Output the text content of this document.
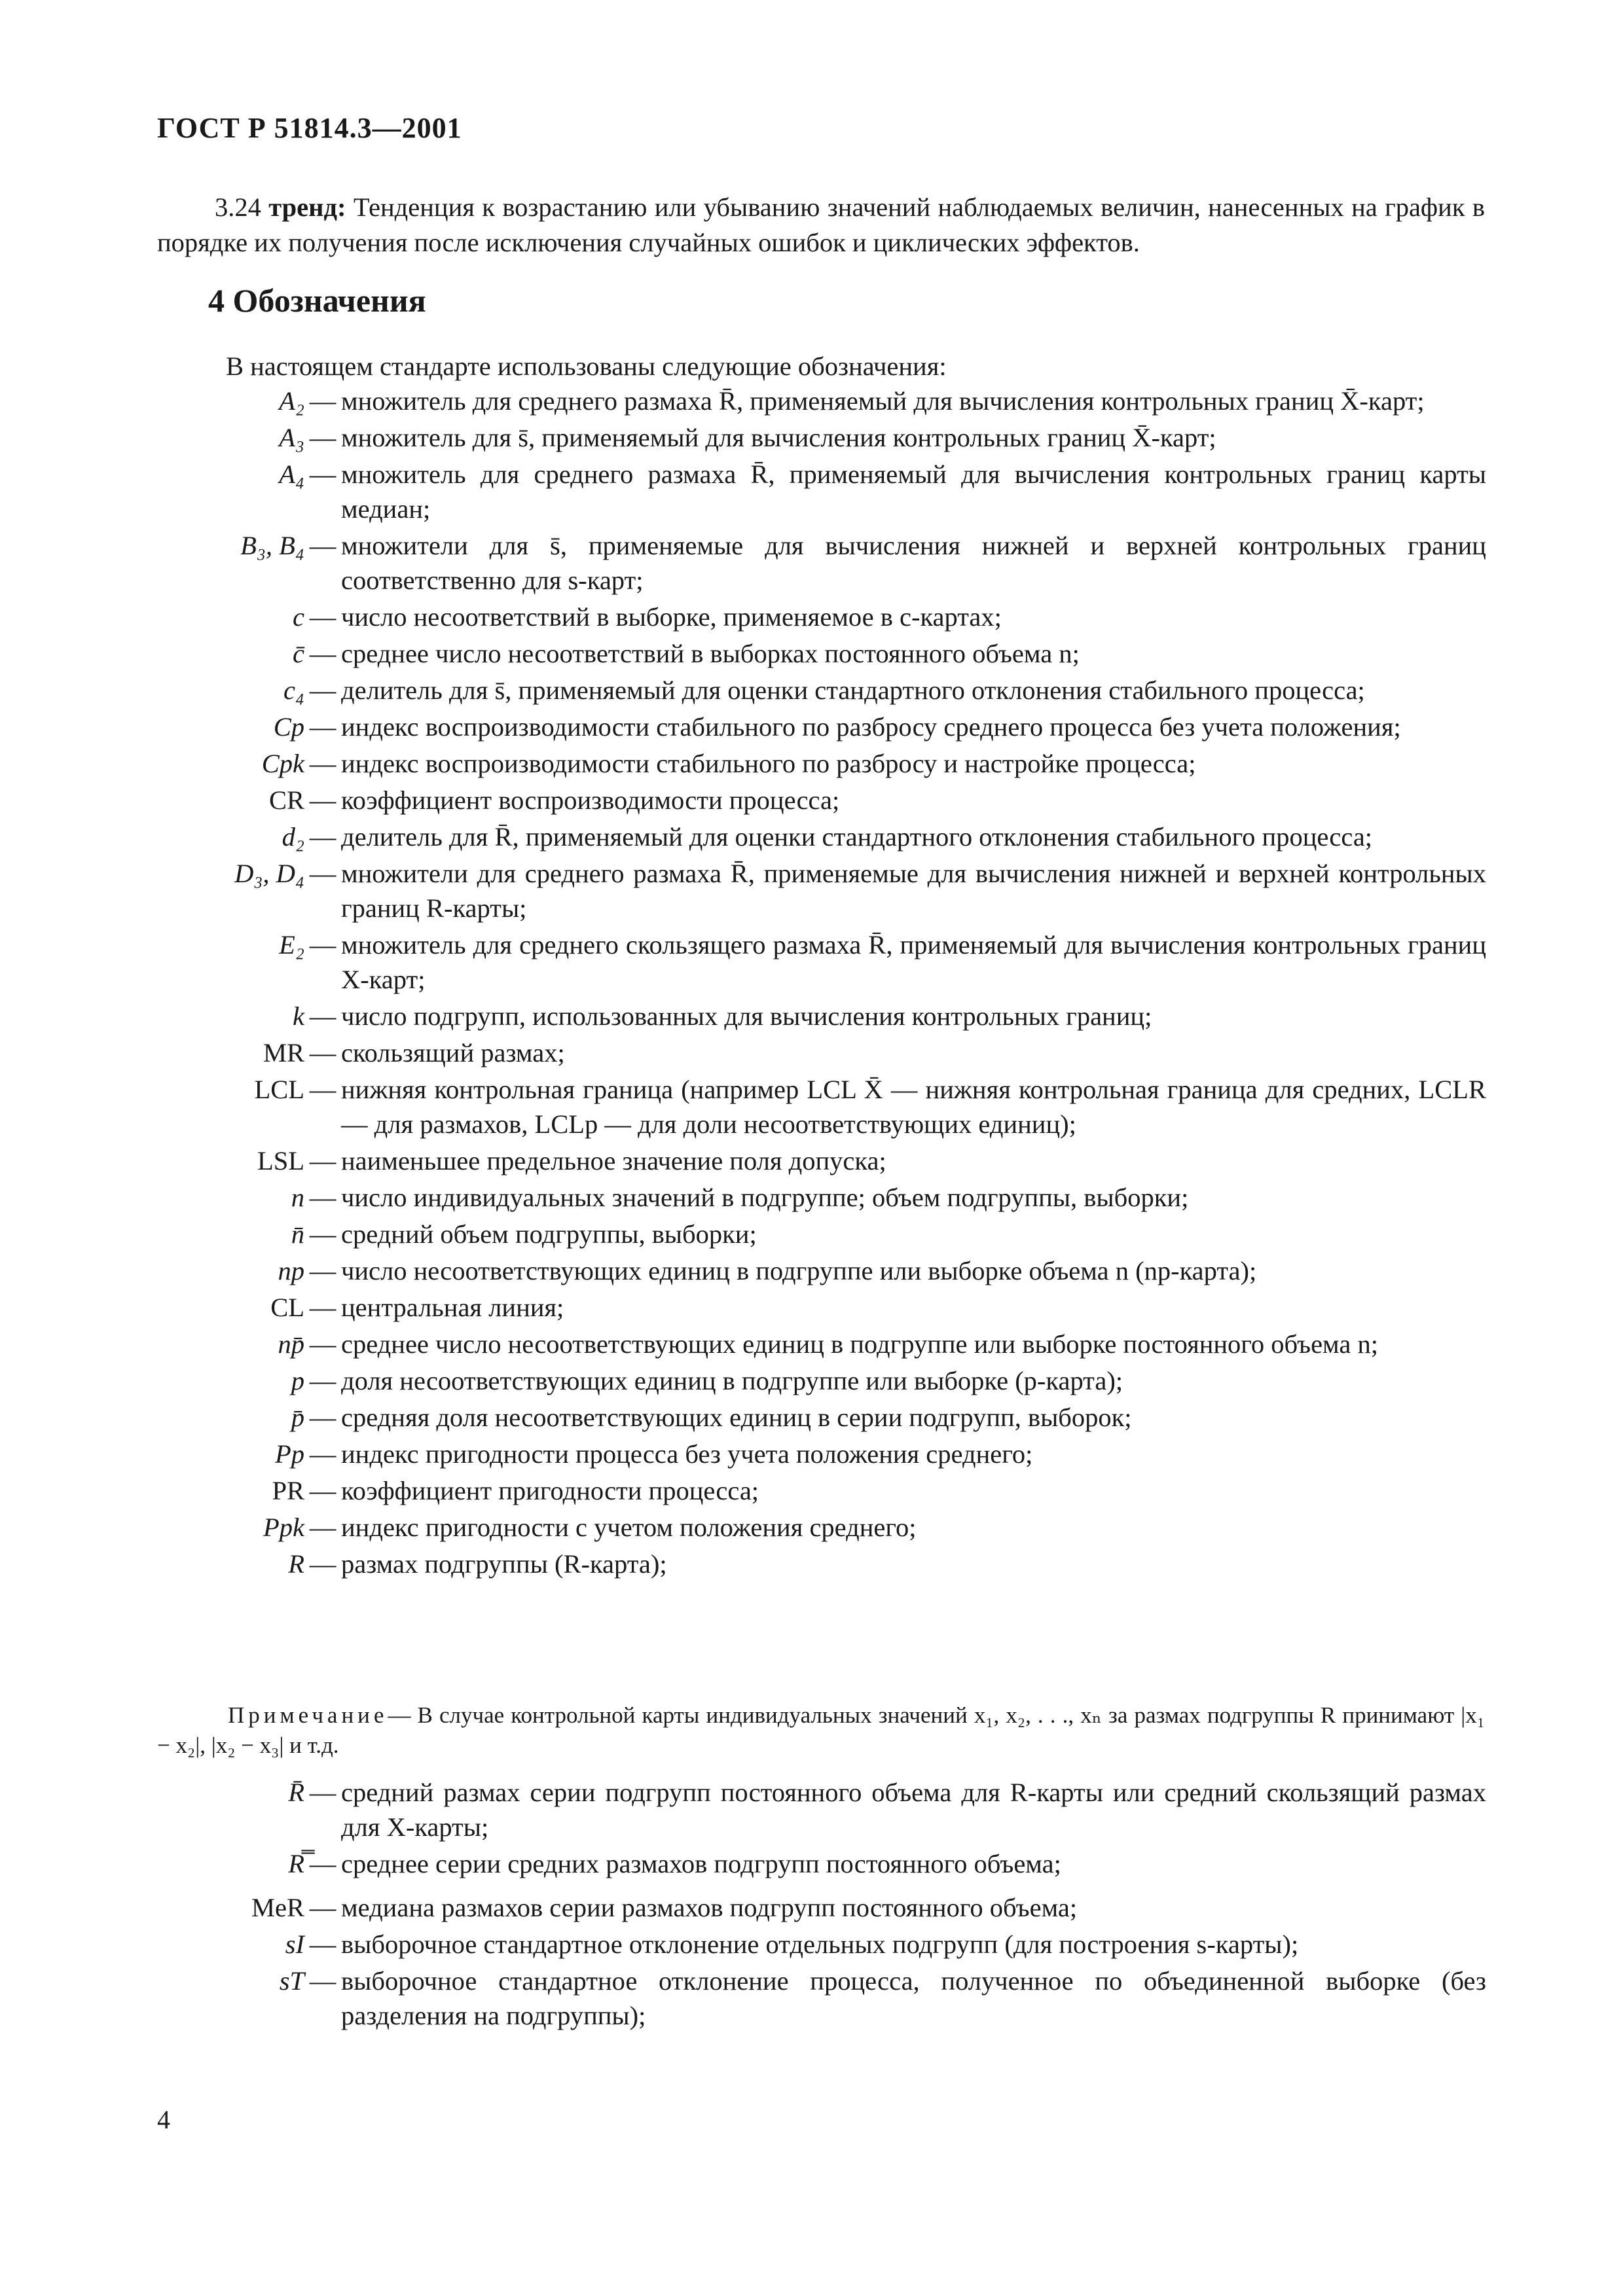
ГОСТ Р 51814.3—2001
3.24 тренд: Тенденция к возрастанию или убыванию значений наблюдаемых величин, нанесенных на график в порядке их получения после исключения случайных ошибок и циклических эффектов.
4 Обозначения
В настоящем стандарте использованы следующие обозначения:
A₂ — множитель для среднего размаха R̄, применяемый для вычисления контрольных границ X̄-карт;
A₃ — множитель для s̄, применяемый для вычисления контрольных границ X̄-карт;
A₄ — множитель для среднего размаха R̄, применяемый для вычисления контрольных границ карты медиан;
B₃, B₄ — множители для s̄, применяемые для вычисления нижней и верхней контрольных границ соответственно для s-карт;
c — число несоответствий в выборке, применяемое в c-картах;
c̄ — среднее число несоответствий в выборках постоянного объема n;
c₄ — делитель для s̄, применяемый для оценки стандартного отклонения стабильного процесса;
Cp — индекс воспроизводимости стабильного по разбросу среднего процесса без учета положения;
Cpk — индекс воспроизводимости стабильного по разбросу и настройке процесса;
CR — коэффициент воспроизводимости процесса;
d₂ — делитель для R̄, применяемый для оценки стандартного отклонения стабильного процесса;
D₃, D₄ — множители для среднего размаха R̄, применяемые для вычисления нижней и верхней контрольных границ R-карты;
E₂ — множитель для среднего скользящего размаха R̄, применяемый для вычисления контрольных границ X-карт;
k — число подгрупп, использованных для вычисления контрольных границ;
MR — скользящий размах;
LCL — нижняя контрольная граница (например LCL X̄ — нижняя контрольная граница для средних, LCLR — для размахов, LCLp — для доли несоответствующих единиц);
LSL — наименьшее предельное значение поля допуска;
n — число индивидуальных значений в подгруппе; объем подгруппы, выборки;
n̄ — средний объем подгруппы, выборки;
np — число несоответствующих единиц в подгруппе или выборке объема n (np-карта);
CL — центральная линия;
np̄ — среднее число несоответствующих единиц в подгруппе или выборке постоянного объема n;
p — доля несоответствующих единиц в подгруппе или выборке (p-карта);
p̄ — средняя доля несоответствующих единиц в серии подгрупп, выборок;
Pp — индекс пригодности процесса без учета положения среднего;
PR — коэффициент пригодности процесса;
Ppk — индекс пригодности с учетом положения среднего;
R — размах подгруппы (R-карта);
Примечание— В случае контрольной карты индивидуальных значений x₁, x₂, . . ., xₙ за размах подгруппы R принимают |x₁ − x₂|, |x₂ − x₃| и т.д.
R̄ — средний размах серии подгрупп постоянного объема для R-карты или средний скользящий размах для X-карты;
R̿ — среднее серии средних размахов подгрупп постоянного объема;
MeR — медиана размахов серии размахов подгрупп постоянного объема;
sI — выборочное стандартное отклонение отдельных подгрупп (для построения s-карты);
sT — выборочное стандартное отклонение процесса, полученное по объединенной выборке (без разделения на подгруппы);
4
